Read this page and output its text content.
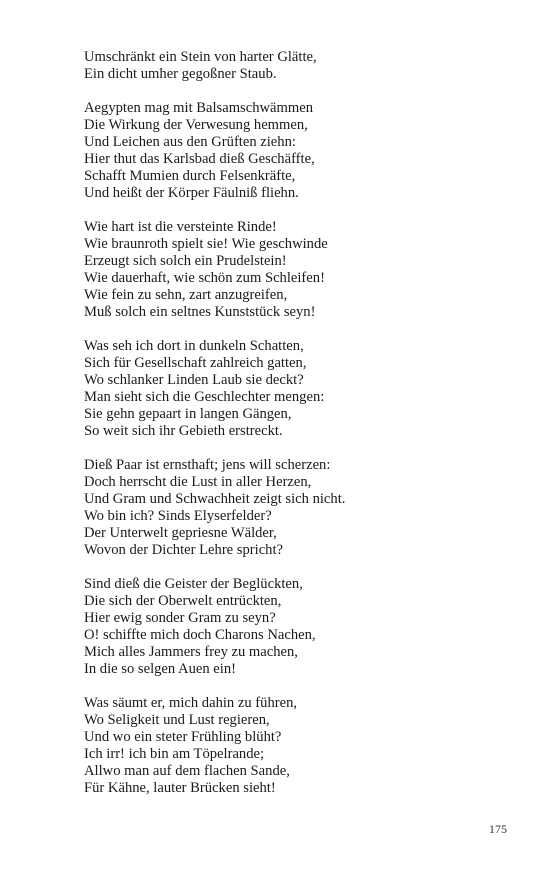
Umschränkt ein Stein von harter Glätte,
Ein dicht umher gegoßner Staub.
Aegypten mag mit Balsamschwämmen
Die Wirkung der Verwesung hemmen,
Und Leichen aus den Grüften ziehn:
Hier thut das Karlsbad dieß Geschäffte,
Schafft Mumien durch Felsenkräfte,
Und heißt der Körper Fäulniß fliehn.
Wie hart ist die versteinte Rinde!
Wie braunroth spielt sie! Wie geschwinde
Erzeugt sich solch ein Prudelstein!
Wie dauerhaft, wie schön zum Schleifen!
Wie fein zu sehn, zart anzugreifen,
Muß solch ein seltnes Kunststück seyn!
Was seh ich dort in dunkeln Schatten,
Sich für Gesellschaft zahlreich gatten,
Wo schlanker Linden Laub sie deckt?
Man sieht sich die Geschlechter mengen:
Sie gehn gepaart in langen Gängen,
So weit sich ihr Gebieth erstreckt.
Dieß Paar ist ernsthaft; jens will scherzen:
Doch herrscht die Lust in aller Herzen,
Und Gram und Schwachheit zeigt sich nicht.
Wo bin ich? Sinds Elyserfelder?
Der Unterwelt gepriesne Wälder,
Wovon der Dichter Lehre spricht?
Sind dieß die Geister der Beglückten,
Die sich der Oberwelt entrückten,
Hier ewig sonder Gram zu seyn?
O! schiffte mich doch Charons Nachen,
Mich alles Jammers frey zu machen,
In die so selgen Auen ein!
Was säumt er, mich dahin zu führen,
Wo Seligkeit und Lust regieren,
Und wo ein steter Frühling blüht?
Ich irr! ich bin am Töpelrande;
Allwo man auf dem flachen Sande,
Für Kähne, lauter Brücken sieht!
175
